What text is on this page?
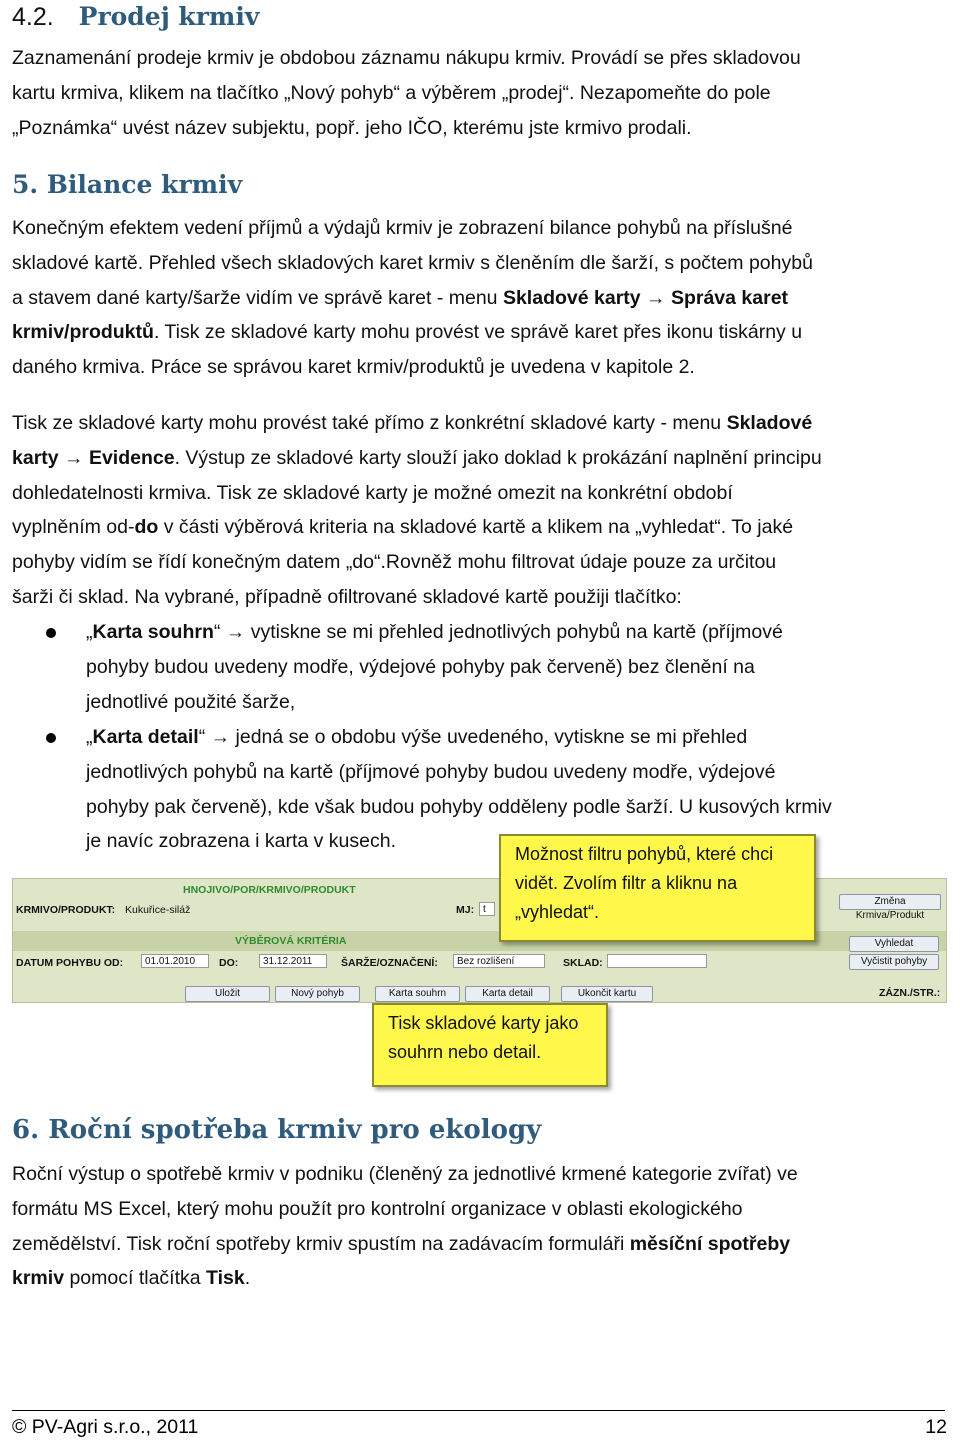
4.2. Prodej krmiv
Zaznamenání prodeje krmiv je obdobou záznamu nákupu krmiv. Provádí se přes skladovou
kartu krmiva, klikem na tlačítko „Nový pohyb“ a výběrem „prodej“. Nezapomeňte do pole
„Poznámka“ uvést název subjektu, popř. jeho IČO, kterému jste krmivo prodali.
5. Bilance krmiv
Konečným efektem vedení příjmů a výdajů krmiv je zobrazení bilance pohybů na příslušné
skladové kartě. Přehled všech skladových karet krmiv s členěním dle šarží, s počtem pohybů
a stavem dané karty/šarže vidím ve správě karet - menu Skladové karty → Správa karet
krmiv/produktů. Tisk ze skladové karty mohu provést ve správě karet přes ikonu tiskárny u
daného krmiva. Práce se správou karet krmiv/produktů je uvedena v kapitole 2.
Tisk ze skladové karty mohu provést také přímo z konkrétní skladové karty - menu Skladové
karty → Evidence. Výstup ze skladové karty slouží jako doklad k prokázání naplnění principu
dohledatelnosti krmiva. Tisk ze skladové karty je možné omezit na konkrétní období
vyplněním od-do v části výběrová kriteria na skladové kartě a klikem na „vyhledat“. To jaké
pohyby vidím se řídí konečným datem „do“.Rovněž mohu filtrovat údaje pouze za určitou
šarži či sklad. Na vybrané, případně ofiltrované skladové kartě použiji tlačítko:
„Karta souhrn“ → vytiskne se mi přehled jednotlivých pohybů na kartě (příjmové
pohyby budou uvedeny modře, výdejové pohyby pak červeně) bez členění na
jednotlivé použité šarže,
„Karta detail“ → jedná se o obdobu výše uvedeného, vytiskne se mi přehled
jednotlivých pohybů na kartě (příjmové pohyby budou uvedeny modře, výdejové
pohyby pak červeně), kde však budou pohyby odděleny podle šarží. U kusových krmiv
je navíc zobrazena i karta v kusech.
HNOJIVO/POR/KRMIVO/PRODUKT
KRMIVO/PRODUKT: Kukuřice-siláž	MJ: t
Změna Krmiva/Produkt
VÝBĚROVÁ KRITÉRIA
DATUM POHYBU OD:	01.01.2010	DO:	31.12.2011	ŠARŽE/OZNAČENÍ:	Bez rozlišení	SKLAD:
Vyhledat
Vyčistit pohyby
Uložit	Nový pohyb	Karta souhrn	Karta detail	Ukončit kartu	ZÁZN./STR.:
Možnost filtru pohybů, které chci
vidět. Zvolím filtr a kliknu na
„vyhledat“.
Tisk skladové karty jako
souhrn nebo detail.
6. Roční spotřeba krmiv pro ekology
Roční výstup o spotřebě krmiv v podniku (členěný za jednotlivé krmené kategorie zvířat) ve
formátu MS Excel, který mohu použít pro kontrolní organizace v oblasti ekologického
zemědělství. Tisk roční spotřeby krmiv spustím na zadávacím formuláři měsíční spotřeby
krmiv pomocí tlačítka Tisk.
© PV-Agri s.r.o., 2011	12
